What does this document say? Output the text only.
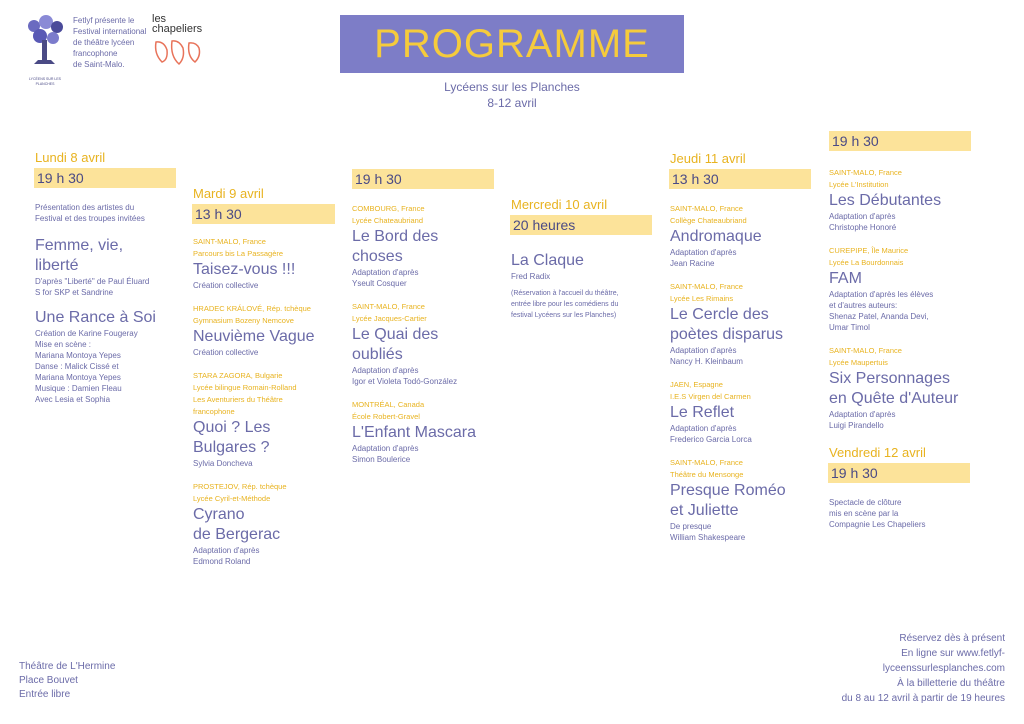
LYCÉENS SUR LES PLANCHES
Fetlyf présente le
Festival international
de théâtre lycéen
francophone
de Saint-Malo.
les chapeliers	PROGRAMME
Lycéens sur les Planches
8-12 avril
Lundi 8 avril
19 h 30
Présentation des artistes du
Festival et des troupes invitées
Femme, vie,
liberté
D'après "Liberté" de Paul Éluard
S for SKP et Sandrine
Une Rance à Soi
Création de Karine Fougeray
Mise en scène :
Mariana Montoya Yepes
Danse : Malick Cissé et
Mariana Montoya Yepes
Musique : Damien Fleau
Avec Lesia et Sophia
Mardi 9 avril
13 h 30
SAINT-MALO, France
Parcours bis La Passagère
Taisez-vous !!!
Création collective
HRADEC KRÁLOVÉ, Rép. tchèque
Gymnasium Bozeny Nemcove
Neuvième Vague
Création collective
STARA ZAGORA, Bulgarie
Lycée bilingue Romain-Rolland
Les Aventuriers du Théâtre
francophone
Quoi ? Les
Bulgares ?
Sylvia Doncheva
PROSTEJOV, Rép. tchèque
Lycée Cyril-et-Méthode
Cyrano
de Bergerac
Adaptation d'après
Edmond Roland
19 h 30
COMBOURG, France
Lycée Chateaubriand
Le Bord des
choses
Adaptation d'après
Yseult Cosquer
SAINT-MALO, France
Lycée Jacques-Cartier
Le Quai des
oubliés
Adaptation d'après
Igor et Violeta Todó-González
MONTRÉAL, Canada
École Robert-Gravel
L'Enfant Mascara
Adaptation d'après
Simon Boulerice
Mercredi 10 avril
20 heures
La Claque
Fred Radix
(Réservation à l'accueil du théâtre,
entrée libre pour les comédiens du
festival Lycéens sur les Planches)
Jeudi 11 avril
13 h 30
SAINT-MALO, France
Collège Chateaubriand
Andromaque
Adaptation d'après
Jean Racine
SAINT-MALO, France
Lycée Les Rimains
Le Cercle des
poètes disparus
Adaptation d'après
Nancy H. Kleinbaum
JAEN, Espagne
I.E.S Virgen del Carmen
Le Reflet
Adaptation d'après
Frederico Garcia Lorca
SAINT-MALO, France
Théâtre du Mensonge
Presque Roméo
et Juliette
De presque
William Shakespeare
19 h 30
SAINT-MALO, France
Lycée L'Institution
Les Débutantes
Adaptation d'après
Christophe Honoré
CUREPIPE, Île Maurice
Lycée La Bourdonnais
FAM
Adaptation d'après les élèves
et d'autres auteurs:
Shenaz Patel, Ananda Devi,
Umar Timol
SAINT-MALO, France
Lycée Maupertuis
Six Personnages
en Quête d'Auteur
Adaptation d'après
Luigi Pirandello
Vendredi 12 avril
19 h 30
Spectacle de clôture
mis en scène par la
Compagnie Les Chapeliers
Théâtre de L'Hermine
Place Bouvet
Entrée libre
Réservez dès à présent
En ligne sur www.fetlyf-
lyceenssurlesplanches.com
À la billetterie du théâtre
du 8 au 12 avril à partir de 19 heures
